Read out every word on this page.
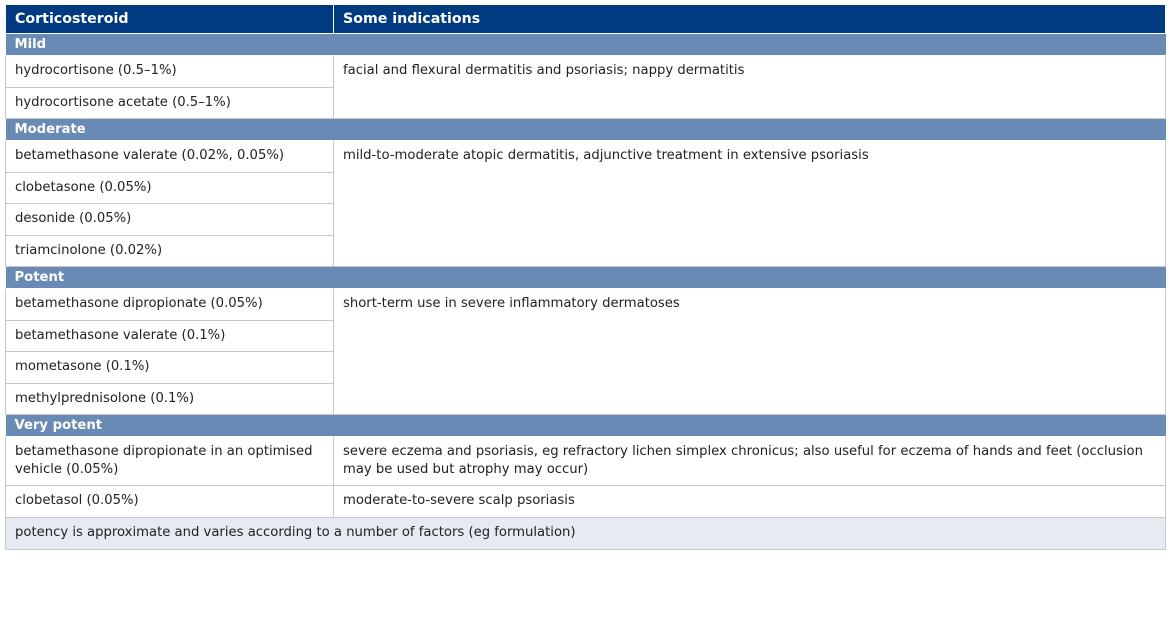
Corticosteroid	Some indications
Mild	
hydrocortisone (0.5–1%)	facial and flexural dermatitis and psoriasis; nappy dermatitis
hydrocortisone acetate (0.5–1%)	
Moderate	
betamethasone valerate (0.02%, 0.05%)	mild-to-moderate atopic dermatitis, adjunctive treatment in extensive psoriasis
clobetasone (0.05%)	
desonide (0.05%)	
triamcinolone (0.02%)	
Potent	
betamethasone dipropionate (0.05%)	short-term use in severe inflammatory dermatoses
betamethasone valerate (0.1%)	
mometasone (0.1%)	
methylprednisolone (0.1%)	
Very potent	
betamethasone dipropionate in an optimised vehicle (0.05%)	severe eczema and psoriasis, eg refractory lichen simplex chronicus; also useful for eczema of hands and feet (occlusion may be used but atrophy may occur)
clobetasol (0.05%)	moderate-to-severe scalp psoriasis
potency is approximate and varies according to a number of factors (eg formulation)	
